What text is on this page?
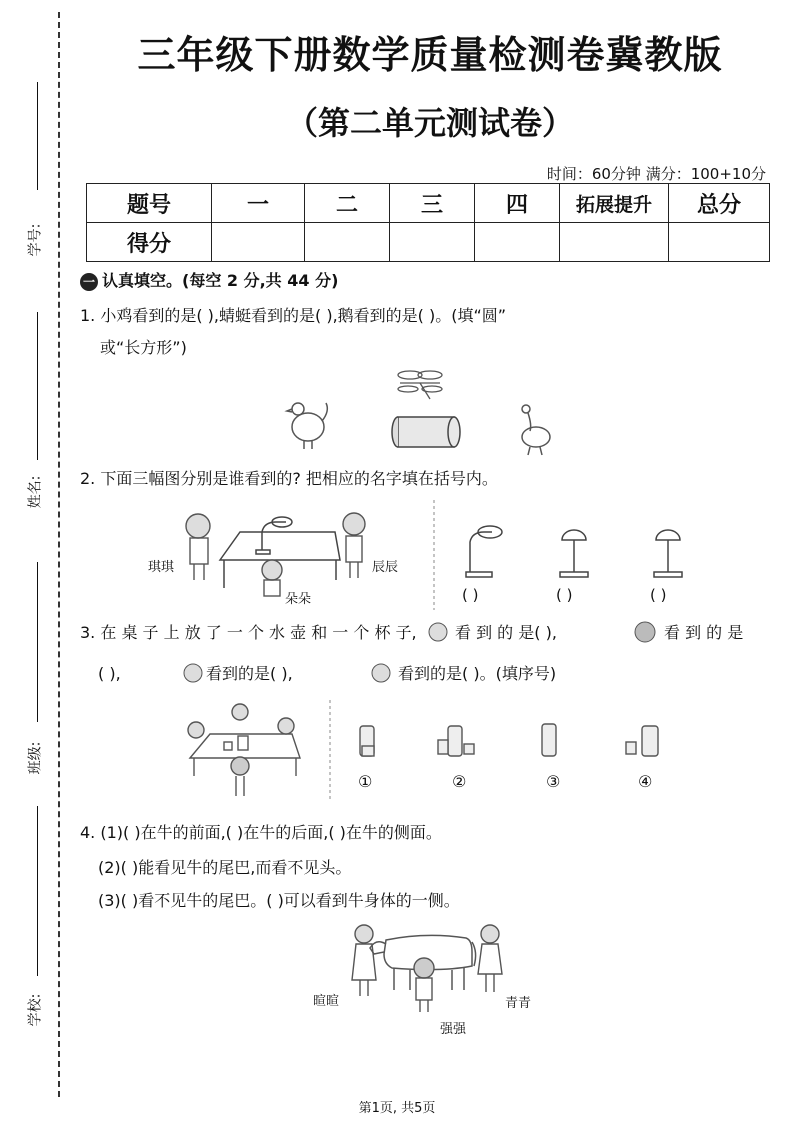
学号:
姓名:
班级:
学校:
三年级下册数学质量检测卷冀教版
（第二单元测试卷）
时间：60分钟 满分：100+10分
题号	一	二	三	四	拓展提升	总分
得分						
一 认真填空。(每空 2 分,共 44 分)
1. 小鸡看到的是( ),蜻蜓看到的是( ),鹅看到的是( )。(填“圆”
或“长方形”)
2. 下面三幅图分别是谁看到的? 把相应的名字填在括号内。
琪琪	辰辰
朵朵	( )	( )	( )
3. 在 桌 子 上 放 了 一 个 水 壶 和 一 个 杯 子, 看 到 的 是( ),	看 到 的 是
( ),	看到的是( ),	看到的是( )。(填序号)
①	②	③	④
4. (1)( )在牛的前面,( )在牛的后面,( )在牛的侧面。
(2)( )能看见牛的尾巴,而看不见头。
(3)( )看不见牛的尾巴。( )可以看到牛身体的一侧。
暄暄	青青
强强
第1页, 共5页
